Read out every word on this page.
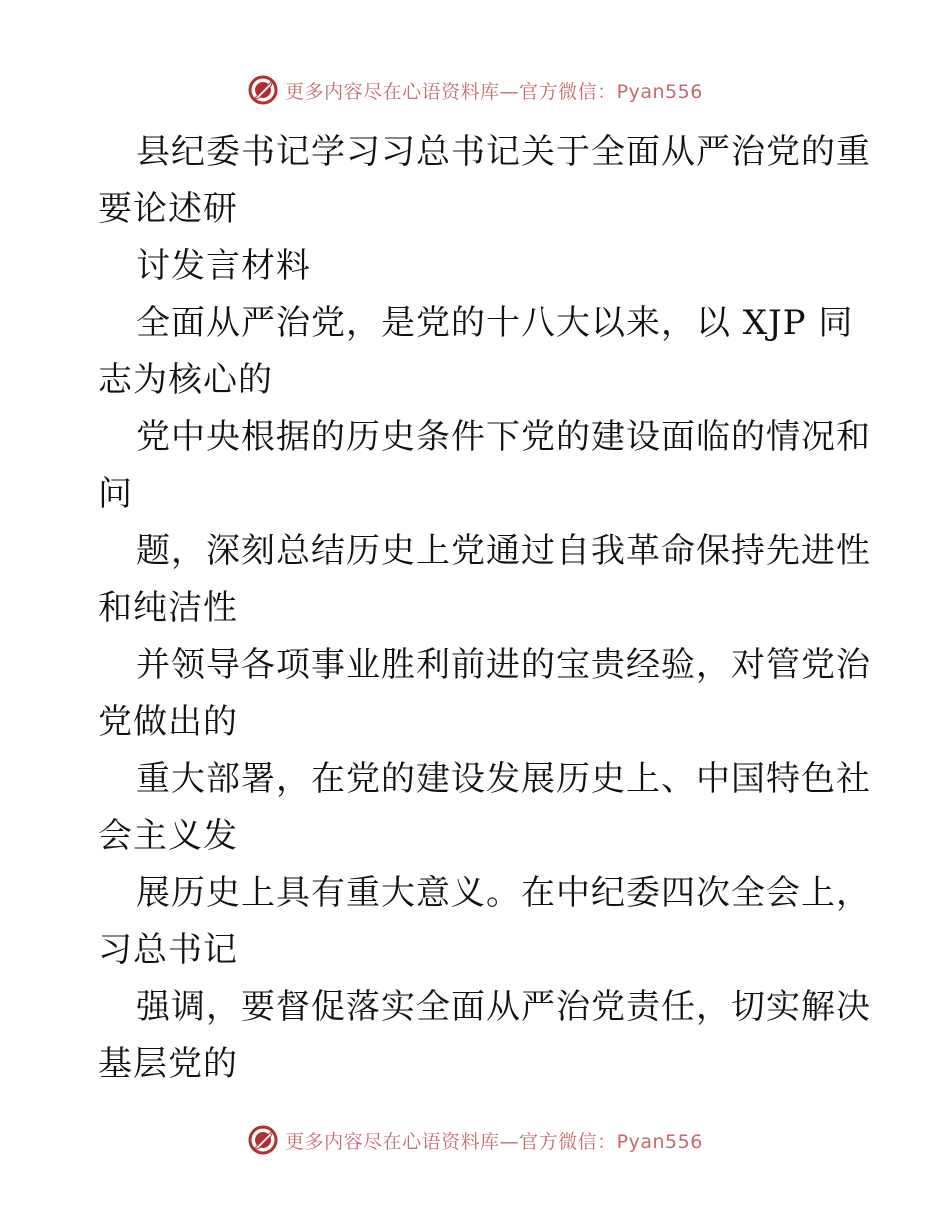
更多内容尽在心语资料库—官方微信：Pyan556
县纪委书记学习习总书记关于全面从严治党的重
要论述研
讨发言材料
全面从严治党，是党的十八大以来，以 XJP 同
志为核心的
党中央根据的历史条件下党的建设面临的情况和
问
题，深刻总结历史上党通过自我革命保持先进性
和纯洁性
并领导各项事业胜利前进的宝贵经验，对管党治
党做出的
重大部署，在党的建设发展历史上、中国特色社
会主义发
展历史上具有重大意义。在中纪委四次全会上，
习总书记
强调，要督促落实全面从严治党责任，切实解决
基层党的
更多内容尽在心语资料库—官方微信：Pyan556
